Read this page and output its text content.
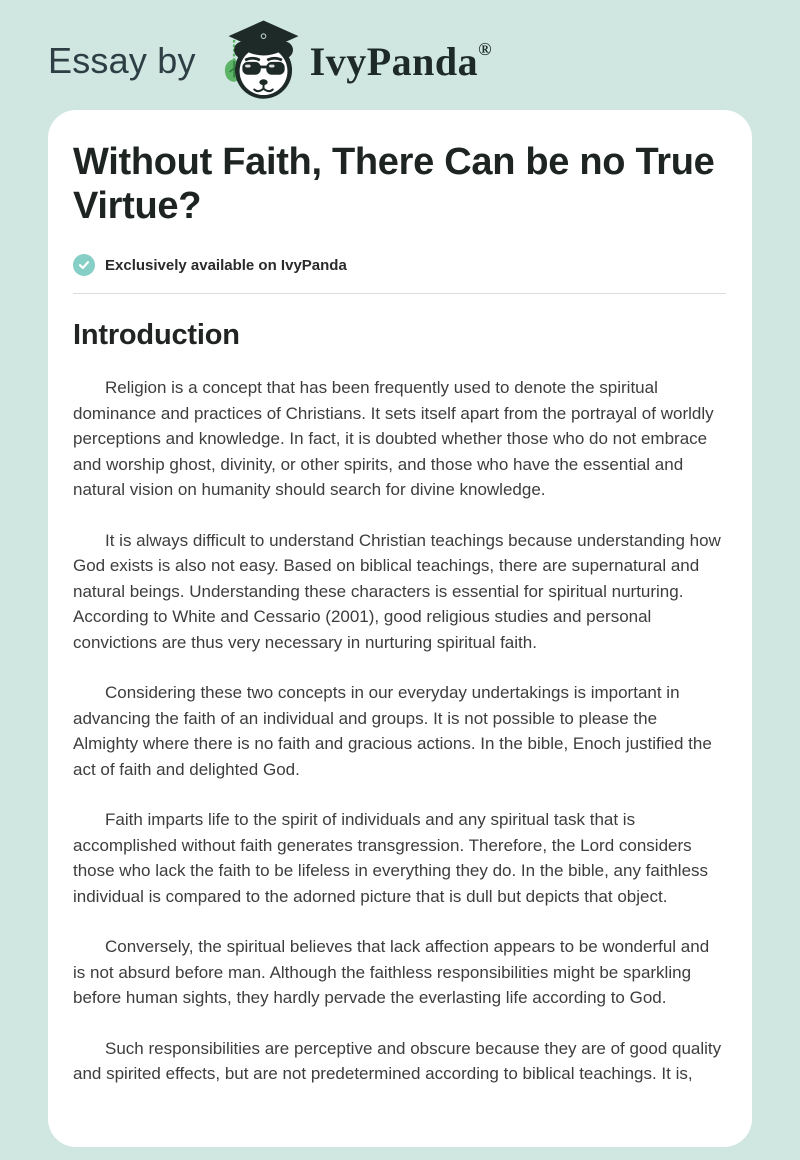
Essay by	IvyPanda®
Without Faith, There Can be no True Virtue?
Exclusively available on IvyPanda
Introduction

Religion is a concept that has been frequently used to denote the spiritual dominance and practices of Christians. It sets itself apart from the portrayal of worldly perceptions and knowledge. In fact, it is doubted whether those who do not embrace and worship ghost, divinity, or other spirits, and those who have the essential and natural vision on humanity should search for divine knowledge.

It is always difficult to understand Christian teachings because understanding how God exists is also not easy. Based on biblical teachings, there are supernatural and natural beings. Understanding these characters is essential for spiritual nurturing. According to White and Cessario (2001), good religious studies and personal convictions are thus very necessary in nurturing spiritual faith.

Considering these two concepts in our everyday undertakings is important in advancing the faith of an individual and groups. It is not possible to please the Almighty where there is no faith and gracious actions. In the bible, Enoch justified the act of faith and delighted God.

Faith imparts life to the spirit of individuals and any spiritual task that is accomplished without faith generates transgression. Therefore, the Lord considers those who lack the faith to be lifeless in everything they do. In the bible, any faithless individual is compared to the adorned picture that is dull but depicts that object.

Conversely, the spiritual believes that lack affection appears to be wonderful and is not absurd before man. Although the faithless responsibilities might be sparkling before human sights, they hardly pervade the everlasting life according to God.

Such responsibilities are perceptive and obscure because they are of good quality and spirited effects, but are not predetermined according to biblical teachings. It is,
